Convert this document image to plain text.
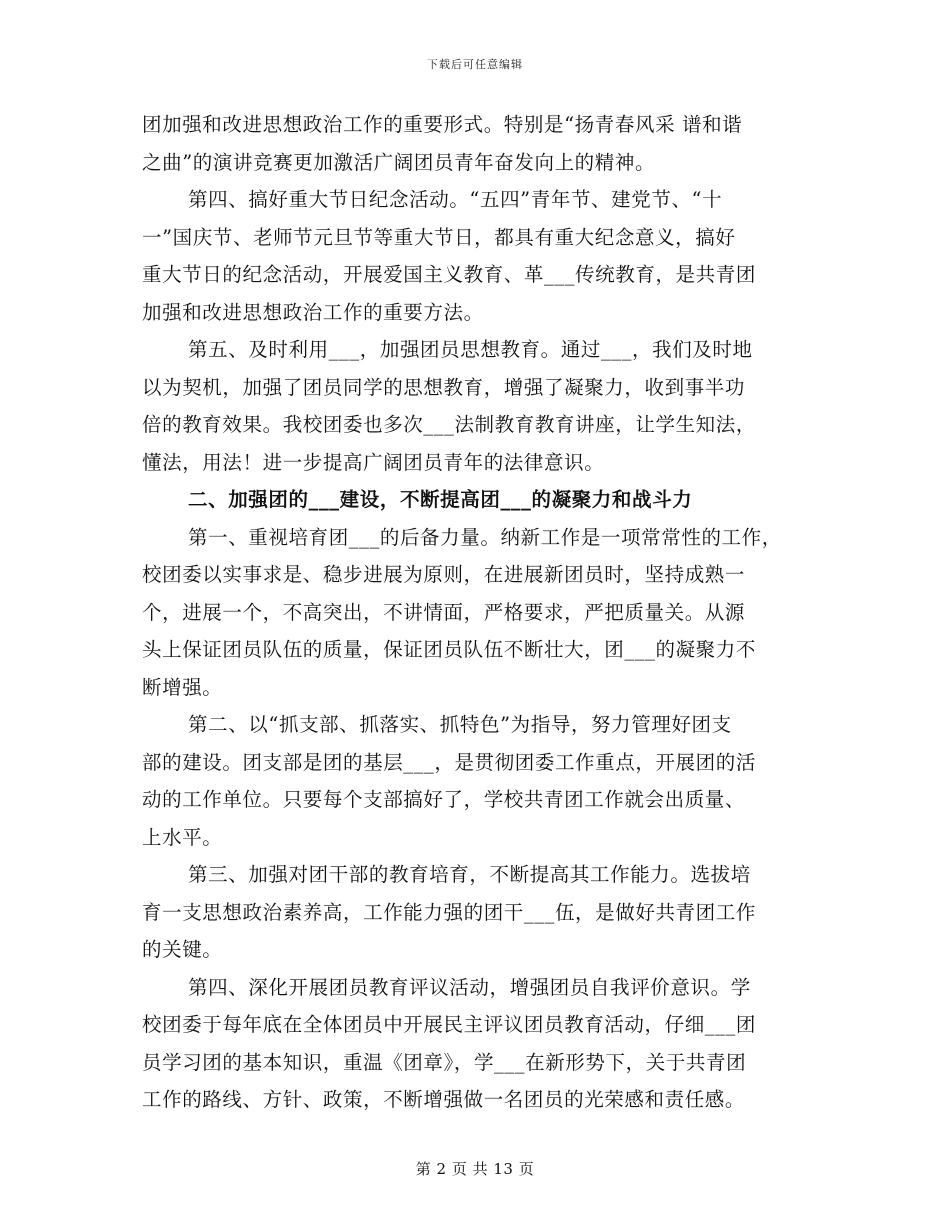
下载后可任意编辑
团加强和改进思想政治工作的重要形式。特别是“扬青春风采 谱和谐
之曲”的演讲竞赛更加激活广阔团员青年奋发向上的精神。
第四、搞好重大节日纪念活动。“五四”青年节、建党节、“十
一”国庆节、老师节元旦节等重大节日，都具有重大纪念意义，搞好
重大节日的纪念活动，开展爱国主义教育、革___传统教育，是共青团
加强和改进思想政治工作的重要方法。
第五、及时利用___，加强团员思想教育。通过___，我们及时地
以为契机，加强了团员同学的思想教育，增强了凝聚力，收到事半功
倍的教育效果。我校团委也多次___法制教育教育讲座，让学生知法，
懂法，用法！进一步提高广阔团员青年的法律意识。
二、加强团的___建设，不断提高团___的凝聚力和战斗力
第一、重视培育团___的后备力量。纳新工作是一项常常性的工作，
校团委以实事求是、稳步进展为原则，在进展新团员时，坚持成熟一
个，进展一个，不高突出，不讲情面，严格要求，严把质量关。从源
头上保证团员队伍的质量，保证团员队伍不断壮大，团___的凝聚力不
断增强。
第二、以“抓支部、抓落实、抓特色”为指导，努力管理好团支
部的建设。团支部是团的基层___，是贯彻团委工作重点，开展团的活
动的工作单位。只要每个支部搞好了，学校共青团工作就会出质量、
上水平。
第三、加强对团干部的教育培育，不断提高其工作能力。选拔培
育一支思想政治素养高，工作能力强的团干___伍，是做好共青团工作
的关键。
第四、深化开展团员教育评议活动，增强团员自我评价意识。学
校团委于每年底在全体团员中开展民主评议团员教育活动，仔细___团
员学习团的基本知识，重温《团章》，学___在新形势下，关于共青团
工作的路线、方针、政策，不断增强做一名团员的光荣感和责任感。
第 2 页 共 13 页
